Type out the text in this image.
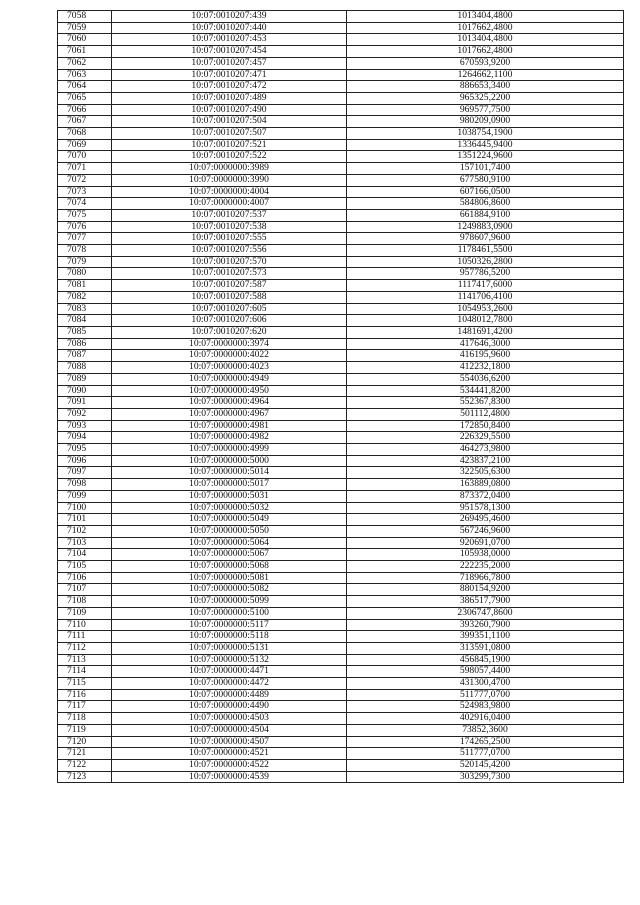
7058	10:07:0010207:439	1013404,4800
7059	10:07:0010207:440	1017662,4800
7060	10:07:0010207:453	1013404,4800
7061	10:07:0010207:454	1017662,4800
7062	10:07:0010207:457	670593,9200
7063	10:07:0010207:471	1264662,1100
7064	10:07:0010207:472	886653,3400
7065	10:07:0010207:489	965325,2200
7066	10:07:0010207:490	969577,7500
7067	10:07:0010207:504	980209,0900
7068	10:07:0010207:507	1038754,1900
7069	10:07:0010207:521	1336445,9400
7070	10:07:0010207:522	1351224,9600
7071	10:07:0000000:3989	157101,7400
7072	10:07:0000000:3990	677580,9100
7073	10:07:0000000:4004	607166,0500
7074	10:07:0000000:4007	584806,8600
7075	10:07:0010207:537	661884,9100
7076	10:07:0010207:538	1249883,0900
7077	10:07:0010207:555	978607,9600
7078	10:07:0010207:556	1178461,5500
7079	10:07:0010207:570	1050326,2800
7080	10:07:0010207:573	957786,5200
7081	10:07:0010207:587	1117417,6000
7082	10:07:0010207:588	1141706,4100
7083	10:07:0010207:605	1054953,2600
7084	10:07:0010207:606	1048012,7800
7085	10:07:0010207:620	1481691,4200
7086	10:07:0000000:3974	417646,3000
7087	10:07:0000000:4022	416195,9600
7088	10:07:0000000:4023	412232,1800
7089	10:07:0000000:4949	554036,6200
7090	10:07:0000000:4950	534441,8200
7091	10:07:0000000:4964	552367,8300
7092	10:07:0000000:4967	501112,4800
7093	10:07:0000000:4981	172850,8400
7094	10:07:0000000:4982	226329,5500
7095	10:07:0000000:4999	464273,9800
7096	10:07:0000000:5000	423837,2100
7097	10:07:0000000:5014	322505,6300
7098	10:07:0000000:5017	163889,0800
7099	10:07:0000000:5031	873372,0400
7100	10:07:0000000:5032	951578,1300
7101	10:07:0000000:5049	269495,4600
7102	10:07:0000000:5050	567246,9600
7103	10:07:0000000:5064	920691,0700
7104	10:07:0000000:5067	105938,0000
7105	10:07:0000000:5068	222235,2000
7106	10:07:0000000:5081	718966,7800
7107	10:07:0000000:5082	880154,9200
7108	10:07:0000000:5099	386517,7900
7109	10:07:0000000:5100	2306747,8600
7110	10:07:0000000:5117	393260,7900
7111	10:07:0000000:5118	399351,1100
7112	10:07:0000000:5131	313591,0800
7113	10:07:0000000:5132	456845,1900
7114	10:07:0000000:4471	598057,4400
7115	10:07:0000000:4472	431300,4700
7116	10:07:0000000:4489	511777,0700
7117	10:07:0000000:4490	524983,9800
7118	10:07:0000000:4503	402916,0400
7119	10:07:0000000:4504	73852,3600
7120	10:07:0000000:4507	174265,2500
7121	10:07:0000000:4521	511777,0700
7122	10:07:0000000:4522	520145,4200
7123	10:07:0000000:4539	303299,7300
